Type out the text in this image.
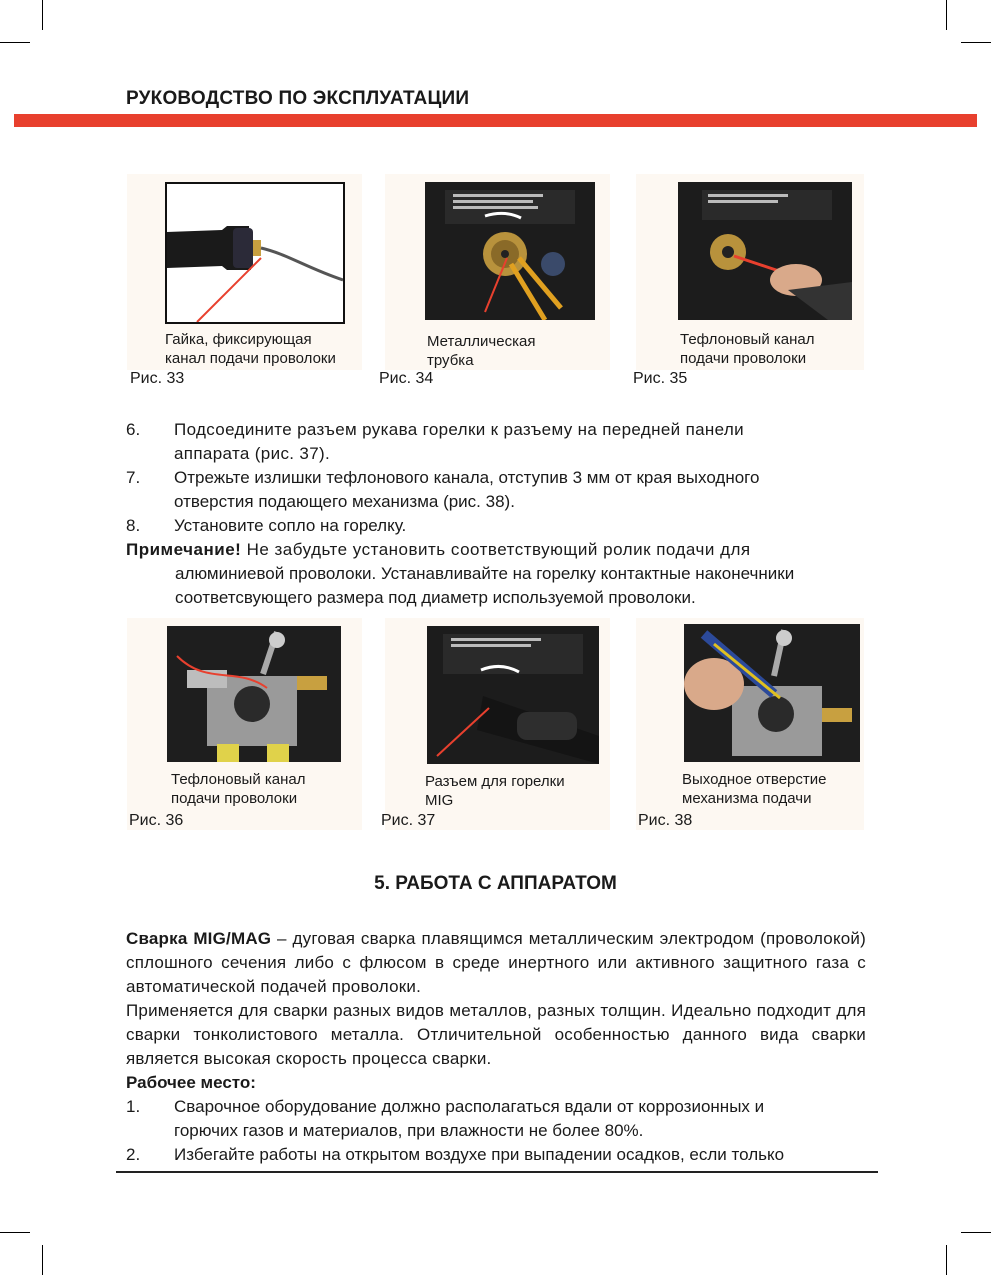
РУКОВОДСТВО ПО ЭКСПЛУАТАЦИИ
Гайка, фиксирующая
канал подачи проволоки
Рис. 33
Металлическая
трубка
Рис. 34
Тефлоновый канал
подачи проволоки
Рис. 35
6. Подсоедините разъем рукава горелки к разъему на передней панели
аппарата (рис. 37).
7. Отрежьте излишки тефлонового канала, отступив 3 мм от края выходного
отверстия подающего механизма (рис. 38).
8. Установите сопло на горелку.
Примечание! Не забудьте установить соответствующий ролик подачи для
алюминиевой проволоки. Устанавливайте на горелку контактные наконечники
соответсвующего размера под диаметр используемой проволоки.
Тефлоновый канал
подачи проволоки
Рис. 36
Разъем для горелки
MIG
Рис. 37
Выходное отверстие
механизма подачи
Рис. 38
5. РАБОТА С АППАРАТОМ
Сварка MIG/MAG – дуговая сварка плавящимся металлическим электродом (проволокой) сплошного сечения либо с флюсом в среде инертного или активного защитного газа с автоматической подачей проволоки.
Применяется для сварки разных видов металлов, разных толщин. Идеально подходит для сварки тонколистового металла. Отличительной особенностью данного вида сварки является высокая скорость процесса сварки.
Рабочее место:
1. Сварочное оборудование должно располагаться вдали от коррозионных и
горючих газов и материалов, при влажности не более 80%.
2. Избегайте работы на открытом воздухе при выпадении осадков, если только
